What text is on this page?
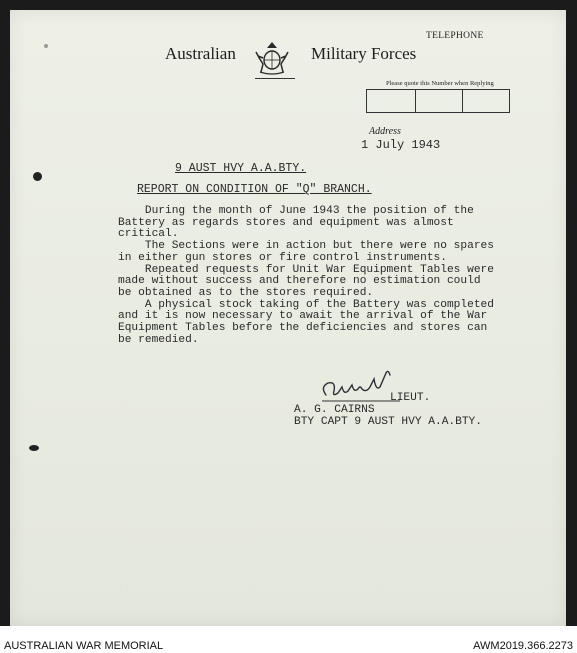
Australian	Military Forces
TELEPHONE
Please quote this Number when Replying
Address
1 July 1943
9 AUST HVY A.A.BTY.
REPORT ON CONDITION OF "Q" BRANCH.

During the month of June 1943 the position of the

Battery as regards stores and equipment was almost

critical.

The Sections were in action but there were no spares

in either gun stores or fire control instruments.

Repeated requests for Unit War Equipment Tables were

made without success and therefore no estimation could

be obtained as to the stores required.

A physical stock taking of the Battery was completed

and it is now necessary to await the arrival of the War

Equipment Tables before the deficiencies and stores can

be remedied.

LIEUT.
A. G. CAIRNS
BTY CAPT 9 AUST HVY A.A.BTY.
AUSTRALIAN WAR MEMORIAL	AWM2019.366.2273
